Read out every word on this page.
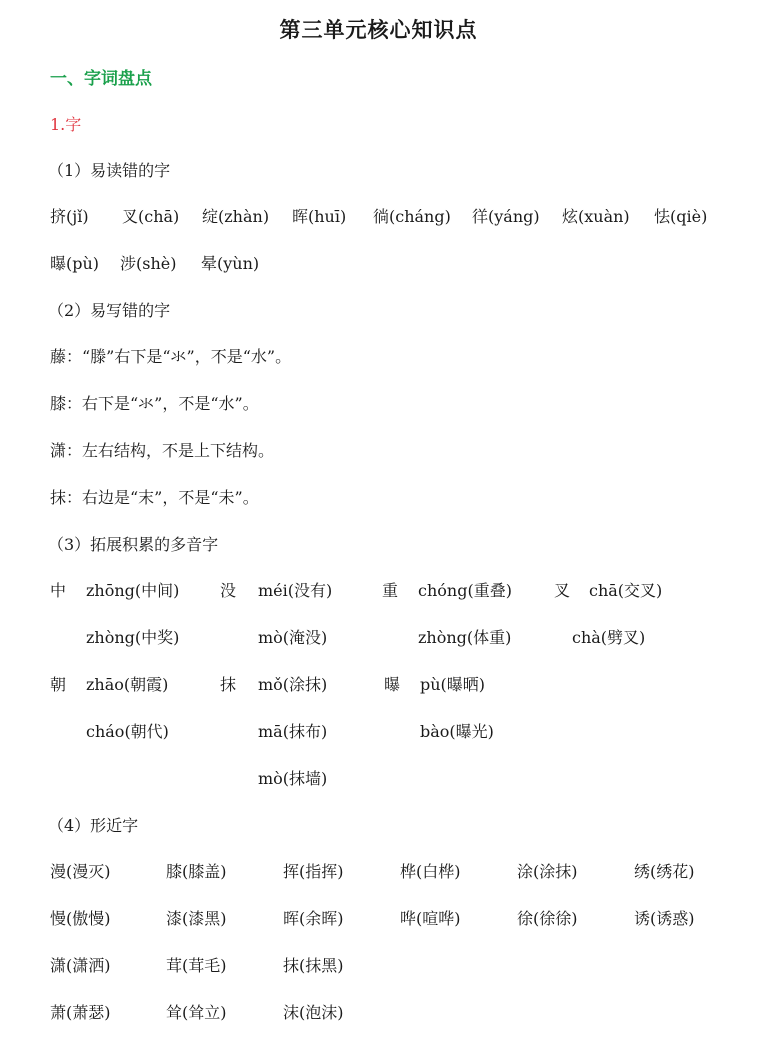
第三单元核心知识点
一、字词盘点
1.字
（1）易读错的字
挤(jǐ) 叉(chā) 绽(zhàn) 晖(huī) 徜(cháng) 徉(yáng) 炫(xuàn) 怯(qiè)
曝(pù) 涉(shè) 晕(yùn)
（2）易写错的字
藤：“滕”右下是“氺”，不是“水”。
膝：右下是“氺”，不是“水”。
潇：左右结构，不是上下结构。
抹：右边是“末”，不是“未”。
（3）拓展积累的多音字
中 zhōng(中间)
zhòng(中奖)
没 méi(没有)
mò(淹没)
重 chóng(重叠)
zhòng(体重)
叉 chā(交叉)
chà(劈叉)
朝 zhāo(朝霞)
cháo(朝代)
抹 mǒ(涂抹)
mā(抹布)
mò(抹墙)
曝 pù(曝晒)
bào(曝光)
（4）形近字
漫(漫灭)	膝(膝盖)	挥(指挥)	桦(白桦)	涂(涂抹)	绣(绣花)
慢(傲慢)	漆(漆黑)	晖(余晖)	哗(喧哗)	徐(徐徐)	诱(诱惑)
潇(潇洒)	茸(茸毛)	抹(抹黑)
萧(萧瑟)	耸(耸立)	沫(泡沫)
